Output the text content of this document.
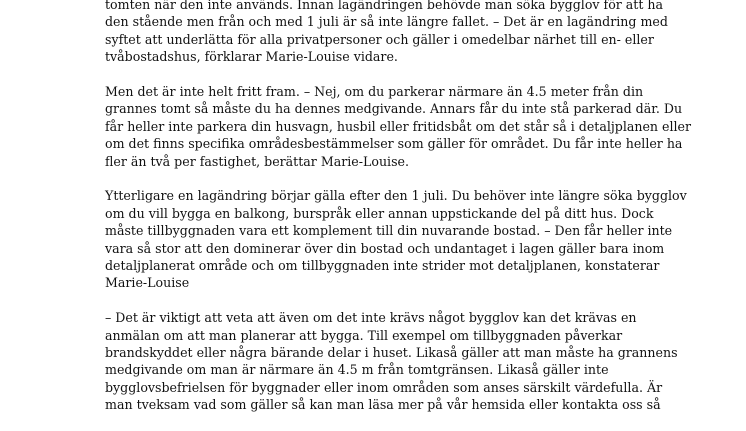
tomten när den inte används. Innan lagändringen behövde man söka bygglov för att ha
den stående men från och med 1 juli är så inte längre fallet. – Det är en lagändring med
syftet att underlätta för alla privatpersoner och gäller i omedelbar närhet till en- eller
tvåbostadshus, förklarar Marie-Louise vidare.

Men det är inte helt fritt fram. – Nej, om du parkerar närmare än 4.5 meter från din
grannes tomt så måste du ha dennes medgivande. Annars får du inte stå parkerad där. Du
får heller inte parkera din husvagn, husbil eller fritidsbåt om det står så i detaljplanen eller
om det finns specifika områdesbestämmelser som gäller för området. Du får inte heller ha
fler än två per fastighet, berättar Marie-Louise.

Ytterligare en lagändring börjar gälla efter den 1 juli. Du behöver inte längre söka bygglov
om du vill bygga en balkong, burspråk eller annan uppstickande del på ditt hus. Dock
måste tillbyggnaden vara ett komplement till din nuvarande bostad. – Den får heller inte
vara så stor att den dominerar över din bostad och undantaget i lagen gäller bara inom
detaljplanerat område och om tillbyggnaden inte strider mot detaljplanen, konstaterar
Marie-Louise

– Det är viktigt att veta att även om det inte krävs något bygglov kan det krävas en
anmälan om att man planerar att bygga. Till exempel om tillbyggnaden påverkar
brandskyddet eller några bärande delar i huset. Likaså gäller att man måste ha grannens
medgivande om man är närmare än 4.5 m från tomtgränsen. Likaså gäller inte
bygglovsbefrielsen för byggnader eller inom områden som anses särskilt värdefulla. Är
man tveksam vad som gäller så kan man läsa mer på vår hemsida eller kontakta oss så
